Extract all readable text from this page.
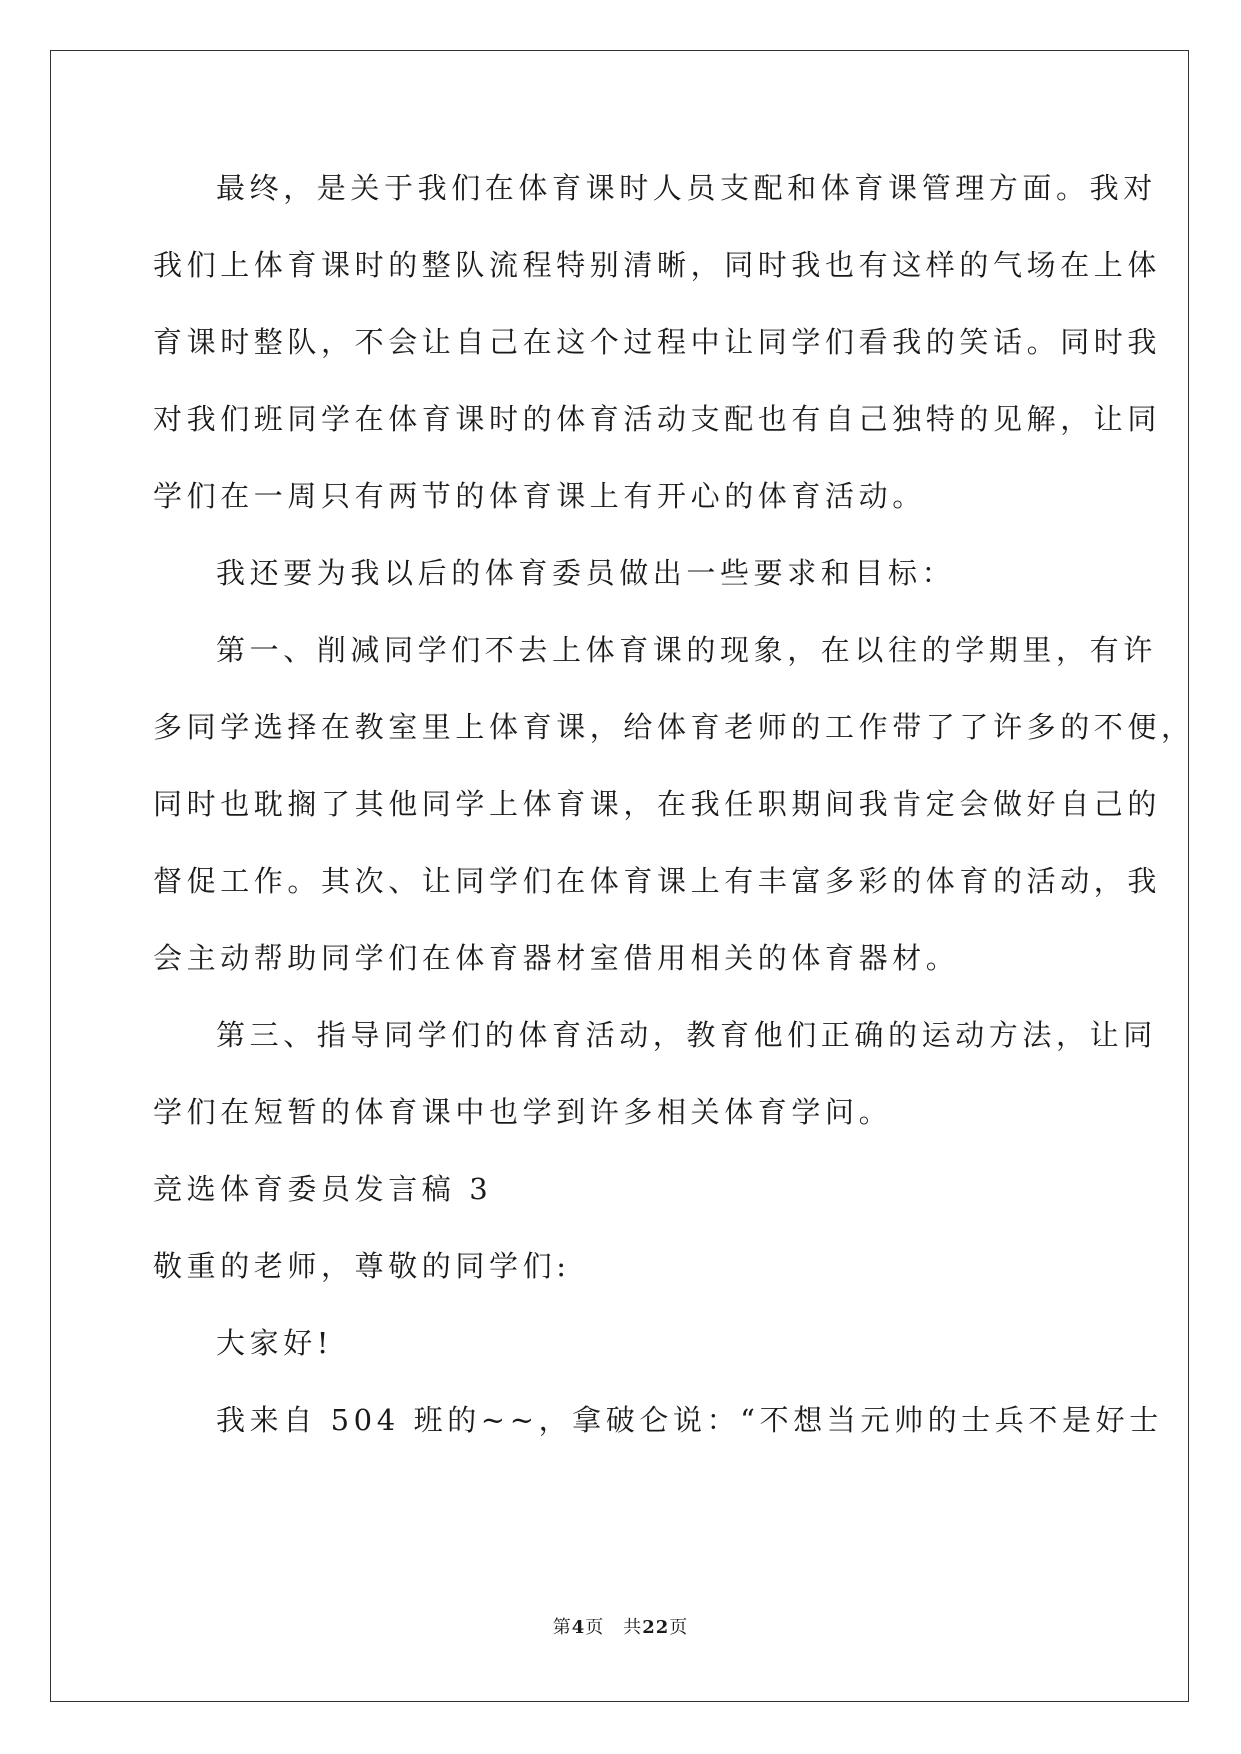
最终，是关于我们在体育课时人员支配和体育课管理方面。我对

我们上体育课时的整队流程特别清晰，同时我也有这样的气场在上体

育课时整队，不会让自己在这个过程中让同学们看我的笑话。同时我

对我们班同学在体育课时的体育活动支配也有自己独特的见解，让同

学们在一周只有两节的体育课上有开心的体育活动。

我还要为我以后的体育委员做出一些要求和目标：

第一、削减同学们不去上体育课的现象，在以往的学期里，有许

多同学选择在教室里上体育课，给体育老师的工作带了了许多的不便，

同时也耽搁了其他同学上体育课，在我任职期间我肯定会做好自己的

督促工作。其次、让同学们在体育课上有丰富多彩的体育的活动，我

会主动帮助同学们在体育器材室借用相关的体育器材。

第三、指导同学们的体育活动，教育他们正确的运动方法，让同

学们在短暂的体育课中也学到许多相关体育学问。

竞选体育委员发言稿 3

敬重的老师，尊敬的同学们:

大家好!

我来自 504 班的~~，拿破仑说：“不想当元帅的士兵不是好士

第4页　共22页
